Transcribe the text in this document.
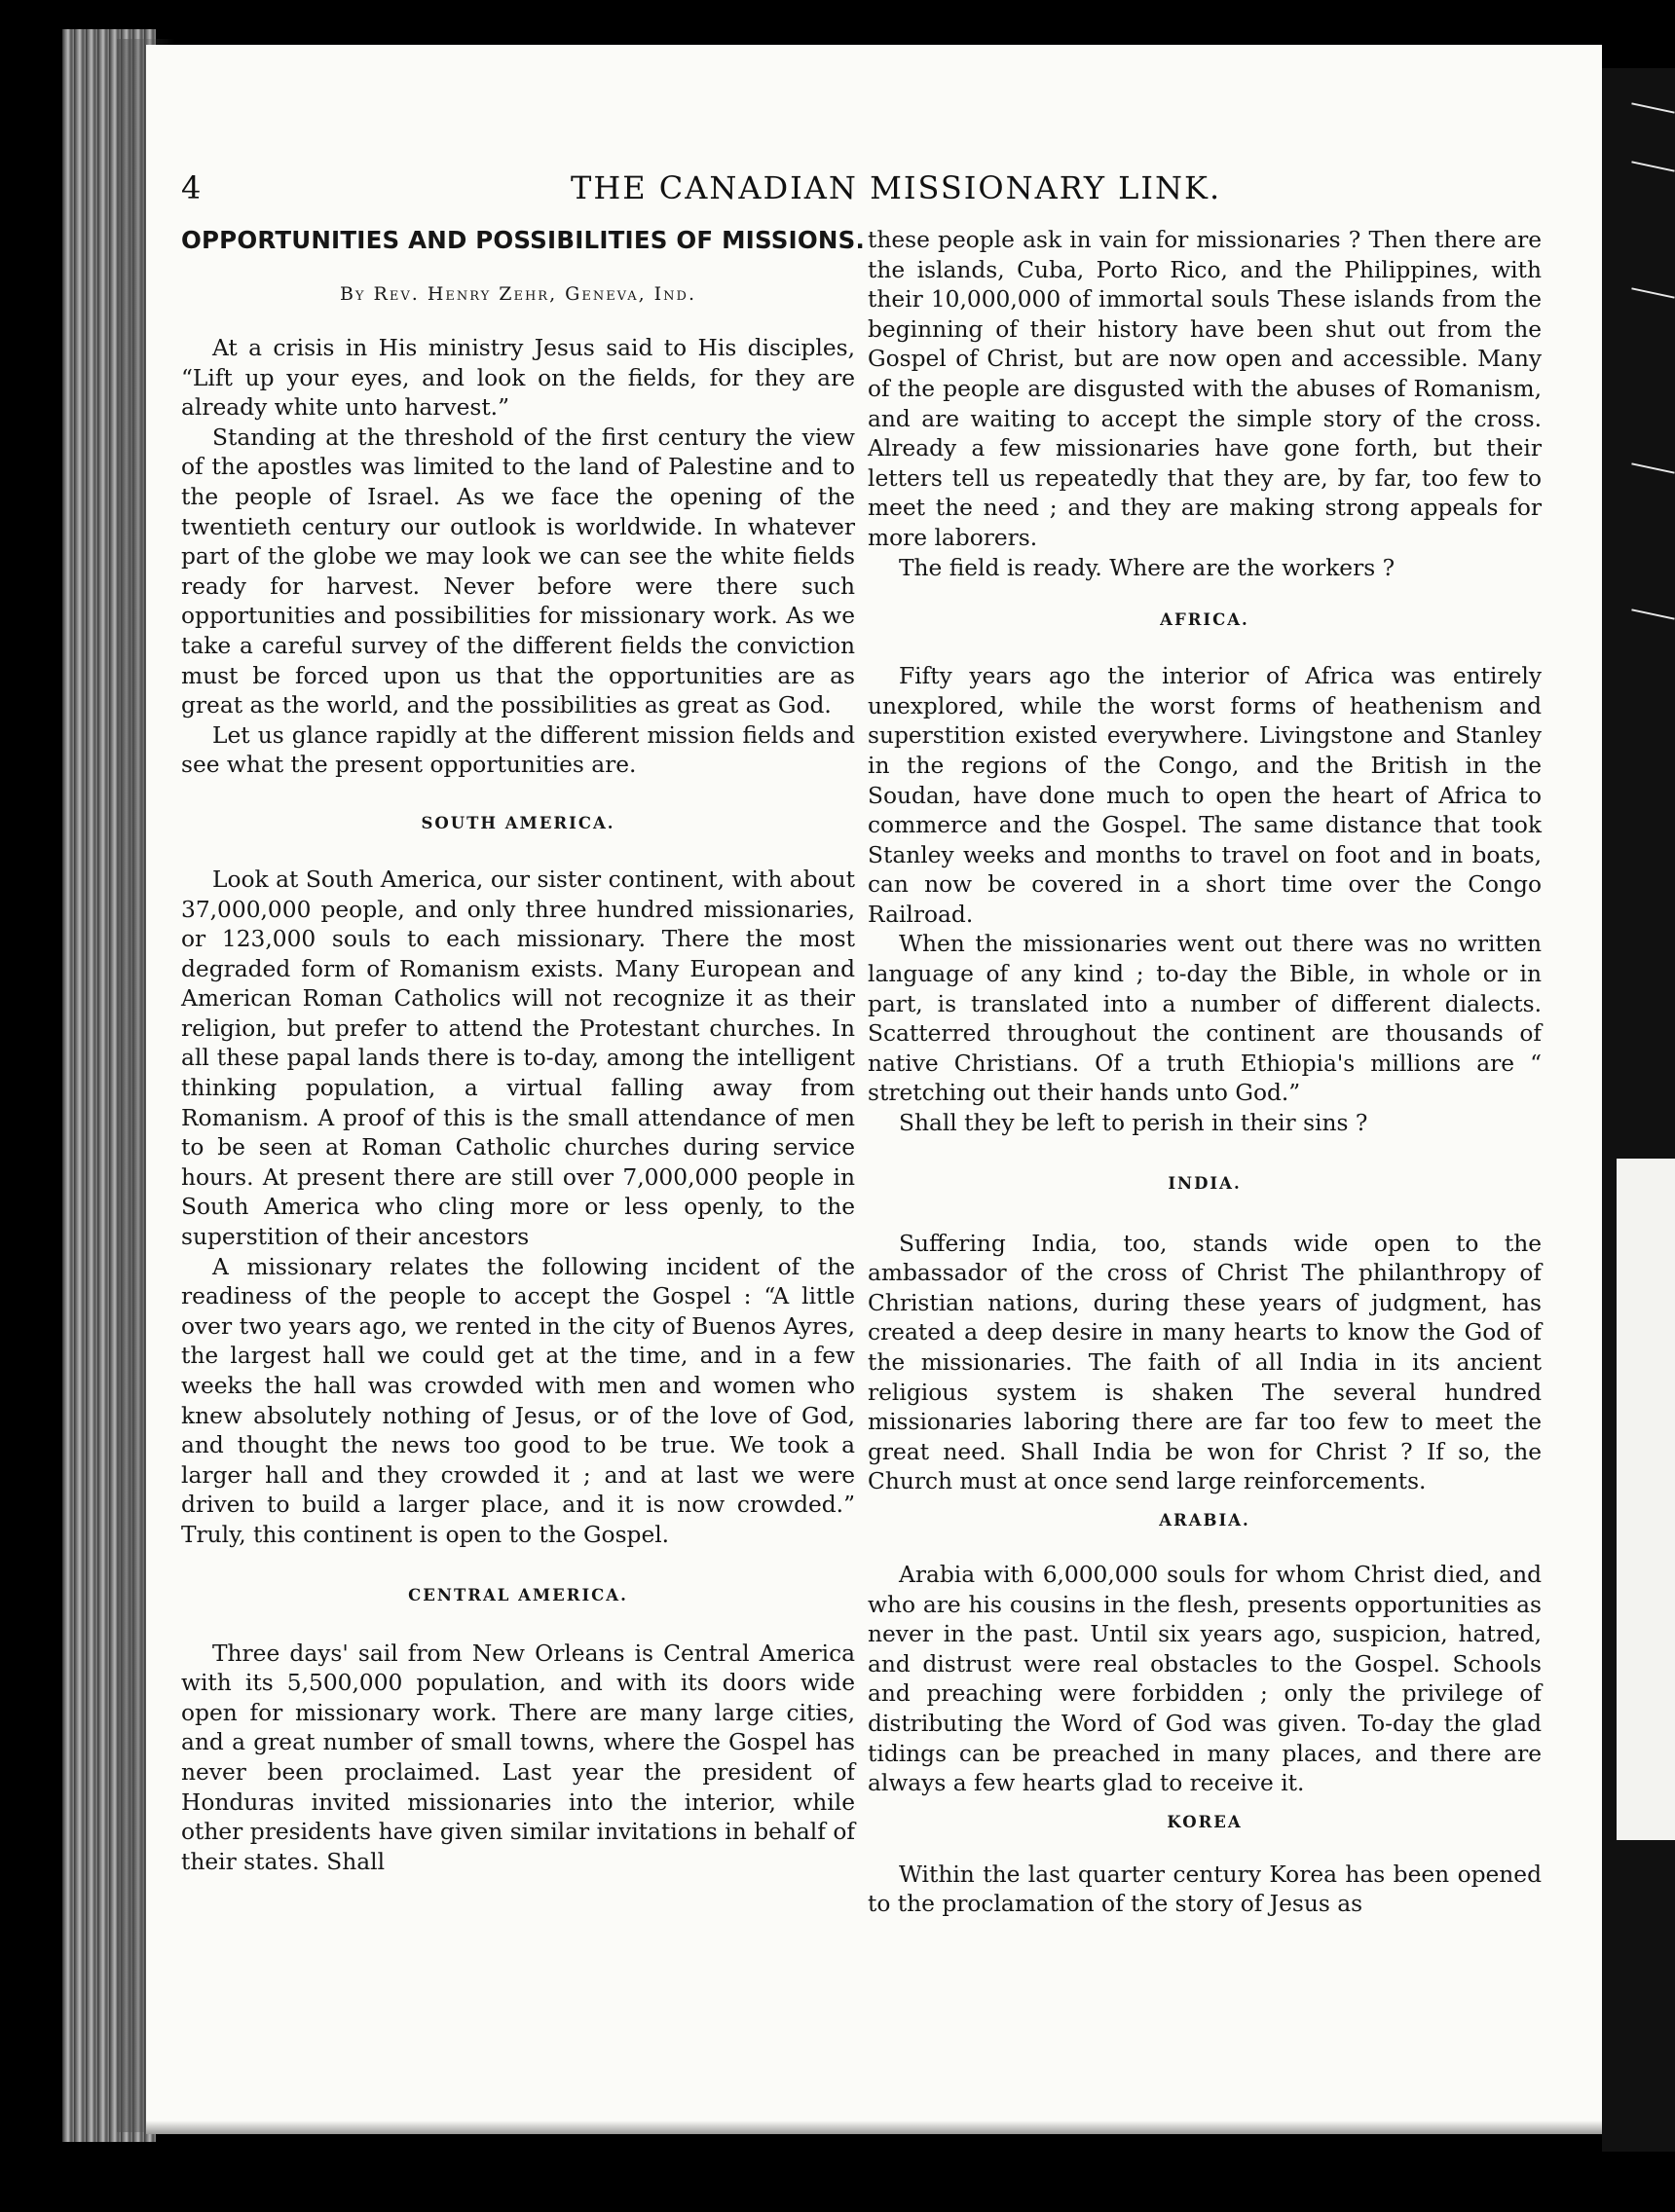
4	THE CANADIAN MISSIONARY LINK.
OPPORTUNITIES AND POSSIBILITIES OF MISSIONS.

By Rev. Henry Zehr, Geneva, Ind.

At a crisis in His ministry Jesus said to His disciples, “Lift up your eyes, and look on the fields, for they are already white unto harvest.”

Standing at the threshold of the first century the view of the apostles was limited to the land of Palestine and to the people of Israel. As we face the opening of the twentieth century our outlook is worldwide. In whatever part of the globe we may look we can see the white fields ready for harvest. Never before were there such opportunities and possibilities for missionary work. As we take a careful survey of the different fields the conviction must be forced upon us that the opportunities are as great as the world, and the possibilities as great as God.

Let us glance rapidly at the different mission fields and see what the present opportunities are.

SOUTH AMERICA.

Look at South America, our sister continent, with about 37,000,000 people, and only three hundred missionaries, or 123,000 souls to each missionary. There the most degraded form of Romanism exists. Many European and American Roman Catholics will not recognize it as their religion, but prefer to attend the Protestant churches. In all these papal lands there is to-day, among the intelligent thinking population, a virtual falling away from Romanism. A proof of this is the small attendance of men to be seen at Roman Catholic churches during service hours. At present there are still over 7,000,000 people in South America who cling more or less openly, to the superstition of their ancestors

A missionary relates the following incident of the readiness of the people to accept the Gospel : “A little over two years ago, we rented in the city of Buenos Ayres, the largest hall we could get at the time, and in a few weeks the hall was crowded with men and women who knew absolutely nothing of Jesus, or of the love of God, and thought the news too good to be true. We took a larger hall and they crowded it ; and at last we were driven to build a larger place, and it is now crowded.” Truly, this continent is open to the Gospel.

CENTRAL AMERICA.

Three days' sail from New Orleans is Central America with its 5,500,000 population, and with its doors wide open for missionary work. There are many large cities, and a great number of small towns, where the Gospel has never been proclaimed. Last year the president of Honduras invited missionaries into the interior, while other presidents have given similar invitations in behalf of their states. Shall

these people ask in vain for missionaries ? Then there are the islands, Cuba, Porto Rico, and the Philippines, with their 10,000,000 of immortal souls These islands from the beginning of their history have been shut out from the Gospel of Christ, but are now open and accessible. Many of the people are disgusted with the abuses of Romanism, and are waiting to accept the simple story of the cross. Already a few missionaries have gone forth, but their letters tell us repeatedly that they are, by far, too few to meet the need ; and they are making strong appeals for more laborers.

The field is ready. Where are the workers ?

AFRICA.

Fifty years ago the interior of Africa was entirely unexplored, while the worst forms of heathenism and superstition existed everywhere. Livingstone and Stanley in the regions of the Congo, and the British in the Soudan, have done much to open the heart of Africa to commerce and the Gospel. The same distance that took Stanley weeks and months to travel on foot and in boats, can now be covered in a short time over the Congo Railroad.

When the missionaries went out there was no written language of any kind ; to-day the Bible, in whole or in part, is translated into a number of different dialects. Scatterred throughout the continent are thousands of native Christians. Of a truth Ethiopia's millions are “ stretching out their hands unto God.”

Shall they be left to perish in their sins ?

INDIA.

Suffering India, too, stands wide open to the ambassador of the cross of Christ The philanthropy of Christian nations, during these years of judgment, has created a deep desire in many hearts to know the God of the missionaries. The faith of all India in its ancient religious system is shaken The several hundred missionaries laboring there are far too few to meet the great need. Shall India be won for Christ ? If so, the Church must at once send large reinforcements.

ARABIA.

Arabia with 6,000,000 souls for whom Christ died, and who are his cousins in the flesh, presents opportunities as never in the past. Until six years ago, suspicion, hatred, and distrust were real obstacles to the Gospel. Schools and preaching were forbidden ; only the privilege of distributing the Word of God was given. To-day the glad tidings can be preached in many places, and there are always a few hearts glad to receive it.

KOREA

Within the last quarter century Korea has been opened to the proclamation of the story of Jesus as
